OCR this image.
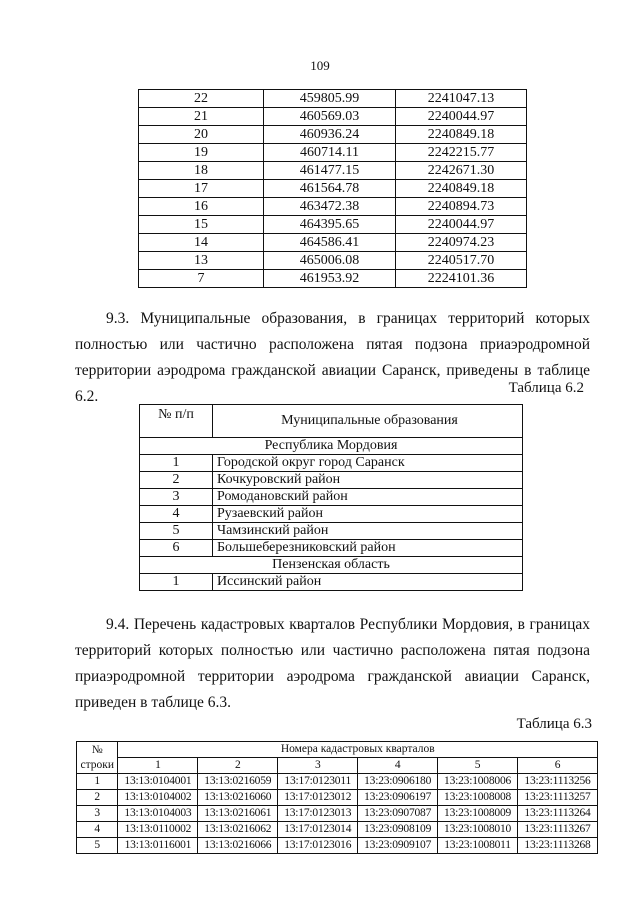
109
22	459805.99	2241047.13
21	460569.03	2240044.97
20	460936.24	2240849.18
19	460714.11	2242215.77
18	461477.15	2242671.30
17	461564.78	2240849.18
16	463472.38	2240894.73
15	464395.65	2240044.97
14	464586.41	2240974.23
13	465006.08	2240517.70
7	461953.92	2224101.36

9.3. Муниципальные образования, в границах территорий которых полностью или частично расположена пятая подзона приаэродромной территории аэродрома гражданской авиации Саранск, приведены в таблице 6.2.	Таблица 6.2
№ п/п	Муниципальные образования
Республика Мордовия	
1	Городской округ город Саранск
2	Кочкуровский район
3	Ромодановский район
4	Рузаевский район
5	Чамзинский район
6	Большеберезниковский район
Пензенская область	
1	Иссинский район

9.4. Перечень кадастровых кварталов Республики Мордовия, в границах территорий которых полностью или частично расположена пятая подзона приаэродромной территории аэродрома гражданской авиации Саранск, приведен в таблице 6.3.

Таблица 6.3
№ строки	Номера кадастровых кварталов					
	1	2	3	4	5	6
1	13:13:0104001	13:13:0216059	13:17:0123011	13:23:0906180	13:23:1008006	13:23:1113256
2	13:13:0104002	13:13:0216060	13:17:0123012	13:23:0906197	13:23:1008008	13:23:1113257
3	13:13:0104003	13:13:0216061	13:17:0123013	13:23:0907087	13:23:1008009	13:23:1113264
4	13:13:0110002	13:13:0216062	13:17:0123014	13:23:0908109	13:23:1008010	13:23:1113267
5	13:13:0116001	13:13:0216066	13:17:0123016	13:23:0909107	13:23:1008011	13:23:1113268
